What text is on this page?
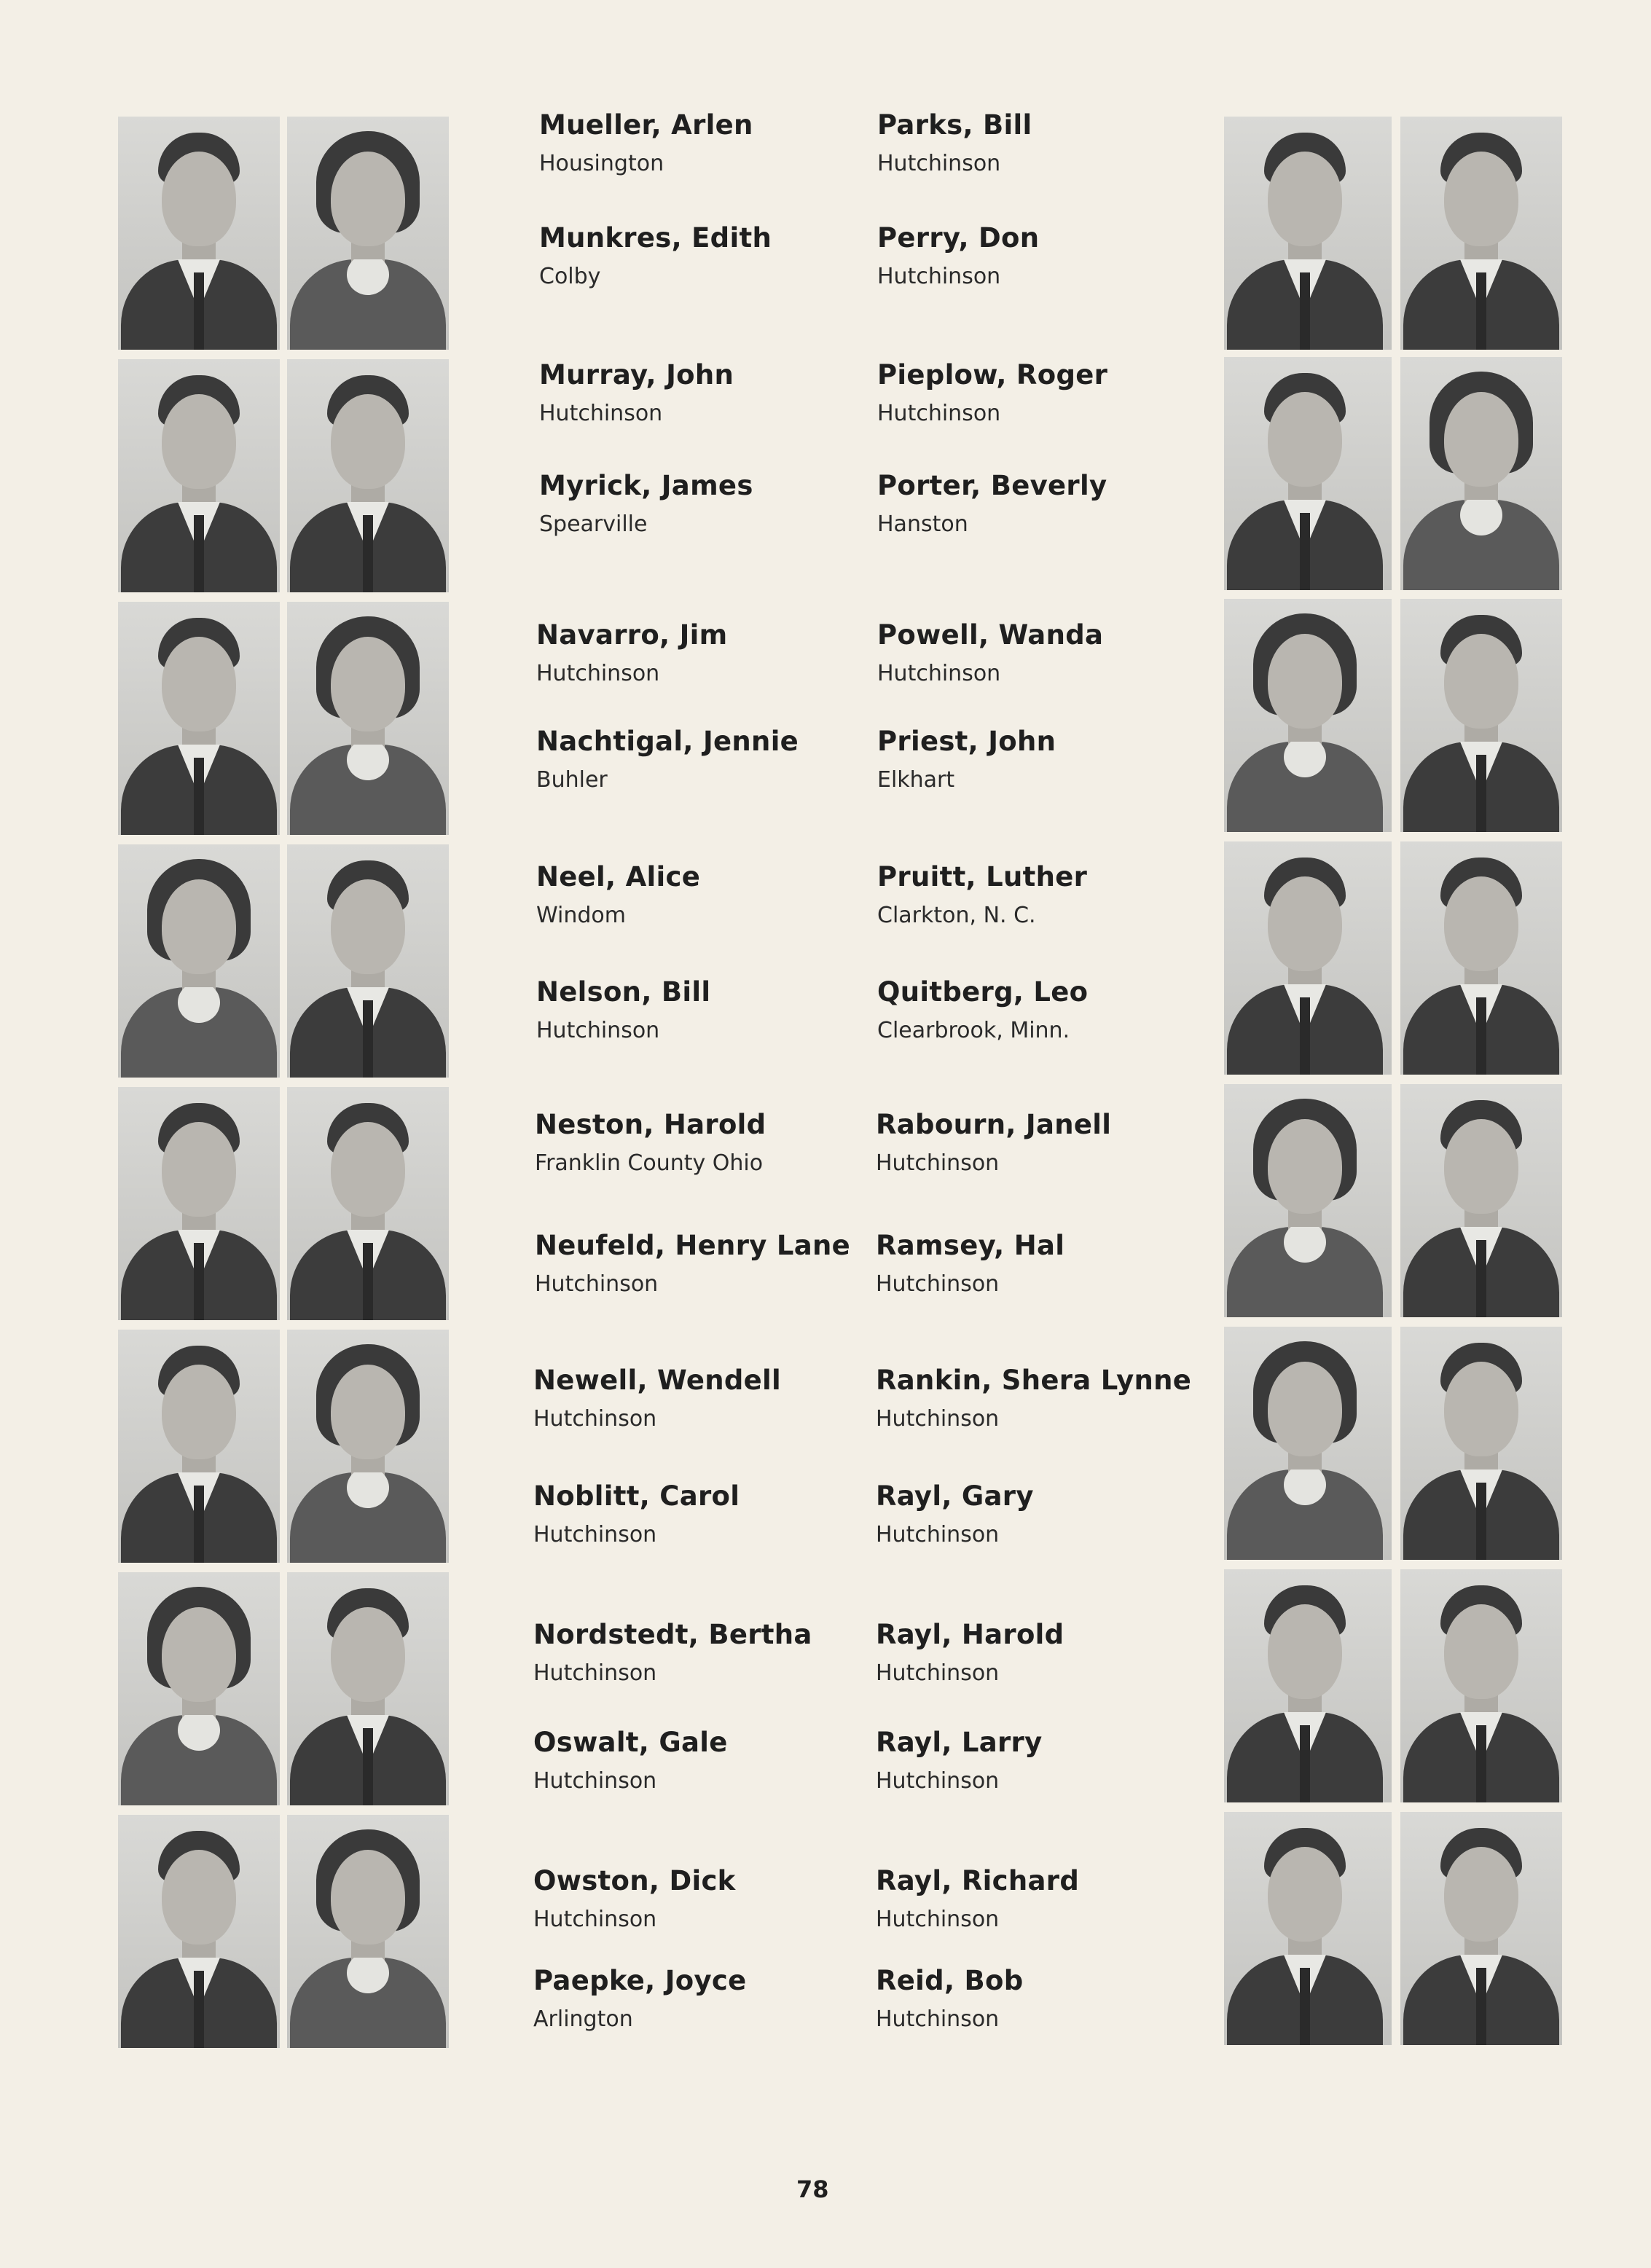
Mueller, Arlen
Housington
Munkres, Edith
Colby
Murray, John
Hutchinson
Myrick, James
Spearville
Navarro, Jim
Hutchinson
Nachtigal, Jennie
Buhler
Neel, Alice
Windom
Nelson, Bill
Hutchinson
Neston, Harold
Franklin County Ohio
Neufeld, Henry Lane
Hutchinson
Newell, Wendell
Hutchinson
Noblitt, Carol
Hutchinson
Nordstedt, Bertha
Hutchinson
Oswalt, Gale
Hutchinson
Owston, Dick
Hutchinson
Paepke, Joyce
Arlington
Parks, Bill
Hutchinson
Perry, Don
Hutchinson
Pieplow, Roger
Hutchinson
Porter, Beverly
Hanston
Powell, Wanda
Hutchinson
Priest, John
Elkhart
Pruitt, Luther
Clarkton, N. C.
Quitberg, Leo
Clearbrook, Minn.
Rabourn, Janell
Hutchinson
Ramsey, Hal
Hutchinson
Rankin, Shera Lynne
Hutchinson
Rayl, Gary
Hutchinson
Rayl, Harold
Hutchinson
Rayl, Larry
Hutchinson
Rayl, Richard
Hutchinson
Reid, Bob
Hutchinson
78
